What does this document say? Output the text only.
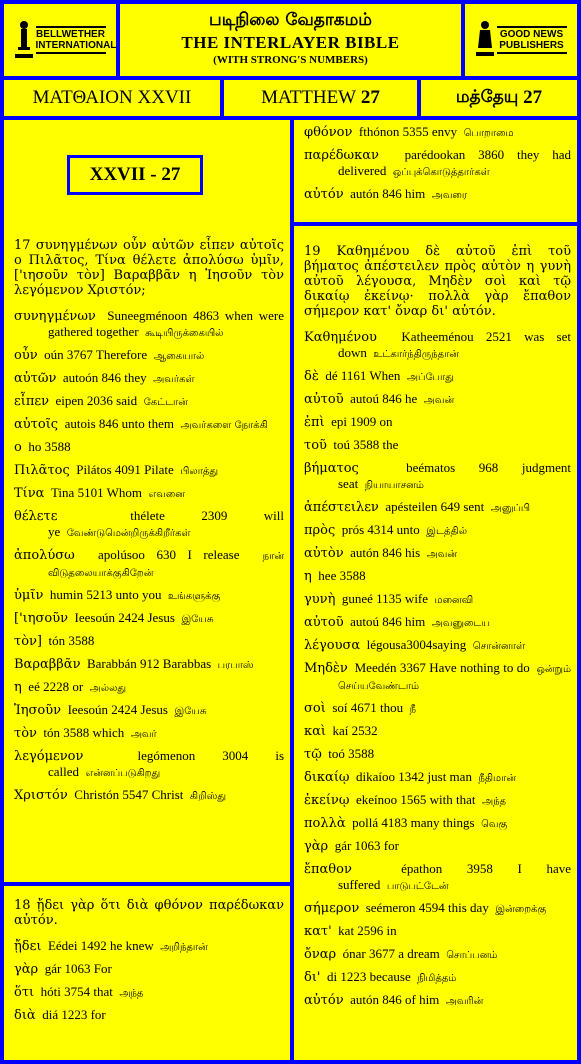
BELLWETHER INTERNATIONAL
படிநிலை வேதாகமம்
THE INTERLAYER BIBLE
(WITH STRONG'S NUMBERS)
GOOD NEWS PUBLISHERS
ΜΑΤΘΑΙΟΝ XXVII	MATTHEW
27	மத்தேயு
27

17 συνηγμένων οὖν αὐτῶν εἶπεν αὐτοῖς ο Πιλᾶτος, Τίνα θέλετε ἀπολύσω ὑμῖν, ['ιησοῦν τὸν] Βαραββᾶν η Ἰησοῦν τὸν λεγόμενον Χριστόν;

συνηγμένων Suneegménoon 4863 when were gathered together கூடியிருக்கையில்

οὖν oún 3767 Therefore ஆகையால்

αὐτῶν autoón 846 they அவர்கள்

εἶπεν eipen 2036 said கேட்டான்

αὐτοῖς autois 846 unto them அவர்களை நோக்கி

ο ho 3588

Πιλᾶτος Pilátos 4091 Pilate பிலாத்து

Τίνα Tina 5101 Whom எவனை

θέλετε	thélete 2309 will ye வேண்டுமென்றிருக்கிறீர்கள்

ἀπολύσω apolúsoo 630 I release நான் விடுதலையாக்குகிறேன்

ὑμῖν humin 5213 unto you உங்களுக்கு

['ιησοῦν Ieesoún 2424 Jesus இயேசு

τὸν] tón 3588

Βαραββᾶν Barabbán 912 Barabbas பரபாஸ்

η eé 2228 or அல்லது

Ἰησοῦν Ieesoún 2424 Jesus இயேசு

τὸν tón 3588 which அவர்

λεγόμενον	legómenon 3004 is called என்னப்படுகிறது

Χριστόν Christón 5547 Christ கிறிஸ்து

XXVII - 27

18 ᾔδει γὰρ ὅτι διὰ φθόνον παρέδωκαν αὐτόν.

ᾔδει Eédei 1492 he knew அறிந்தான்

γὰρ gár 1063 For

ὅτι hóti 3754 that அந்த

διὰ diá 1223 for

φθόνον fthónon 5355 envy பொறாமை

παρέδωκαν parédookan 3860 they had delivered ஒப்புக்கொடுத்தார்கள்

αὐτόν autón 846 him அவரை

19 Καθημένου δὲ αὐτοῦ ἐπὶ τοῦ βήματος ἀπέστειλεν πρὸς αὐτὸν η γυνὴ αὐτοῦ λέγουσα, Μηδὲν σοὶ καὶ τῷ δικαίῳ ἐκείνῳ· πολλὰ γὰρ ἔπαθον σήμερον κατ' ὄναρ δι' αὐτόν.

Καθημένου Katheeménou 2521 was set down உட்கார்ந்திருந்தான்

δὲ dé 1161 When அப்போது

αὐτοῦ autoú 846 he அவன்

ἐπὶ epi 1909 on

τοῦ toú 3588 the

βήματος	beématos 968 judgment seat நியாயாசனம்

ἀπέστειλεν apésteilen 649 sent அனுப்பி

πρὸς prós 4314 unto இடத்தில்

αὐτὸν autón 846 his அவன்

η hee 3588

γυνὴ guneé 1135 wife மனைவி

αὐτοῦ autoú 846 him அவனுடைய

λέγουσα légousa3004saying சொன்னாள்

Μηδὲν Meedén 3367 Have nothing to do ஒன்றும் செய்யவேண்டாம்

σοὶ soí 4671 thou நீ

καὶ kaí 2532

τῷ toó 3588

δικαίῳ dikaíoo 1342 just man நீதிமான்

ἐκείνῳ ekeínoo 1565 with that அந்த

πολλὰ pollá 4183 many things வெகு

γὰρ gár 1063 for

ἔπαθον	épathon 3958 I have suffered பாடுபட்டேன்

σήμερον seémeron 4594 this day இன்றைக்கு

κατ' kat 2596 in

ὄναρ ónar 3677 a dream சொப்பனம்

δι' di 1223 because நிமித்தம்

αὐτόν autón 846 of him அவரின்
